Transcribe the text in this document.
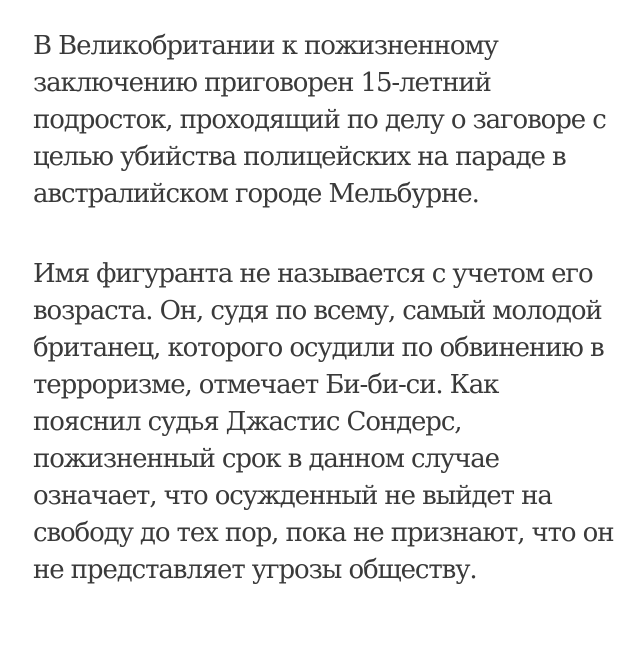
В Великобритании к пожизненному
заключению приговорен 15-летний
подросток, проходящий по делу о заговоре с
целью убийства полицейских на параде в
австралийском городе Мельбурне.

Имя фигуранта не называется с учетом его
возраста. Он, судя по всему, самый молодой
британец, которого осудили по обвинению в
терроризме, отмечает Би-би-си. Как
пояснил судья Джастис Сондерс,
пожизненный срок в данном случае
означает, что осужденный не выйдет на
свободу до тех пор, пока не признают, что он
не представляет угрозы обществу.
